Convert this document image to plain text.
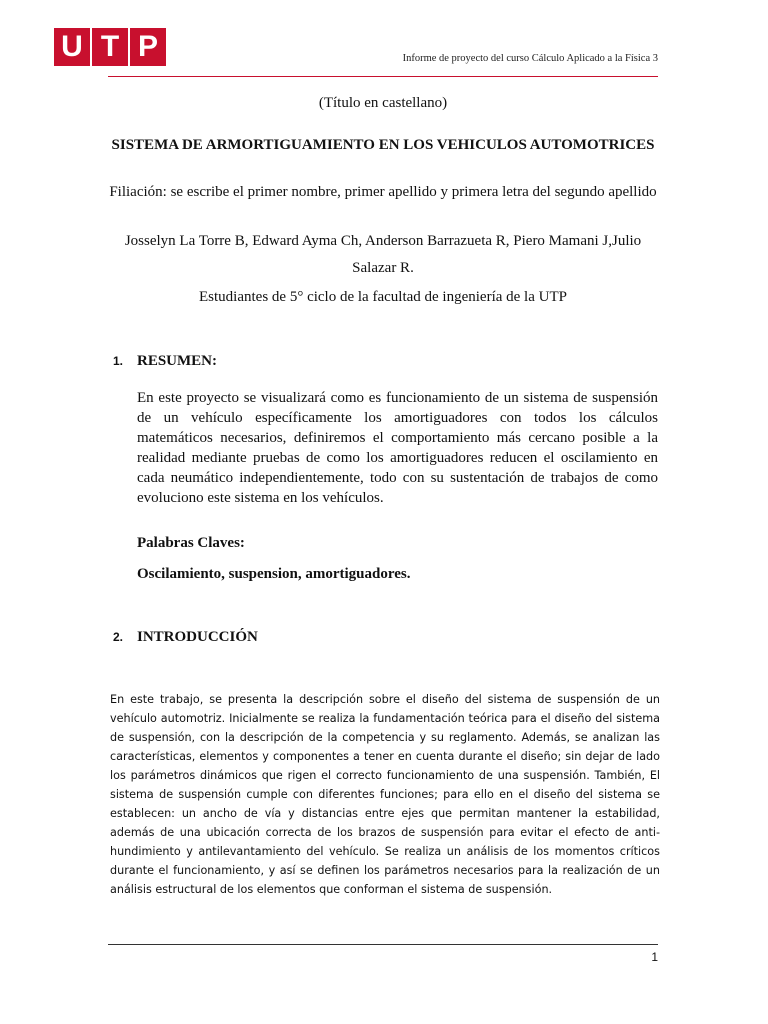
U T P	Informe de proyecto del curso Cálculo Aplicado a la Física 3
(Título en castellano)
SISTEMA DE ARMORTIGUAMIENTO EN LOS VEHICULOS AUTOMOTRICES
Filiación: se escribe el primer nombre, primer apellido y primera letra del segundo apellido
Josselyn La Torre B, Edward Ayma Ch, Anderson Barrazueta R, Piero Mamani J,Julio Salazar R.
Estudiantes de 5° ciclo de la facultad de ingeniería de la UTP
1. RESUMEN:
En este proyecto se visualizará como es funcionamiento de un sistema de suspensión de un vehículo específicamente los amortiguadores con todos los cálculos matemáticos necesarios, definiremos el comportamiento más cercano posible a la realidad mediante pruebas de como los amortiguadores reducen el oscilamiento en cada neumático independientemente, todo con su sustentación de trabajos de como evoluciono este sistema en los vehículos.
Palabras Claves:
Oscilamiento, suspension, amortiguadores.
2. INTRODUCCIÓN
En este trabajo, se presenta la descripción sobre el diseño del sistema de suspensión de un vehículo automotriz. Inicialmente se realiza la fundamentación teórica para el diseño del sistema de suspensión, con la descripción de la competencia y su reglamento. Además, se analizan las características, elementos y componentes a tener en cuenta durante el diseño; sin dejar de lado los parámetros dinámicos que rigen el correcto funcionamiento de una suspensión. También, El sistema de suspensión cumple con diferentes funciones; para ello en el diseño del sistema se establecen: un ancho de vía y distancias entre ejes que permitan mantener la estabilidad, además de una ubicación correcta de los brazos de suspensión para evitar el efecto de anti-hundimiento y antilevantamiento del vehículo. Se realiza un análisis de los momentos críticos durante el funcionamiento, y así se definen los parámetros necesarios para la realización de un análisis estructural de los elementos que conforman el sistema de suspensión.
1
